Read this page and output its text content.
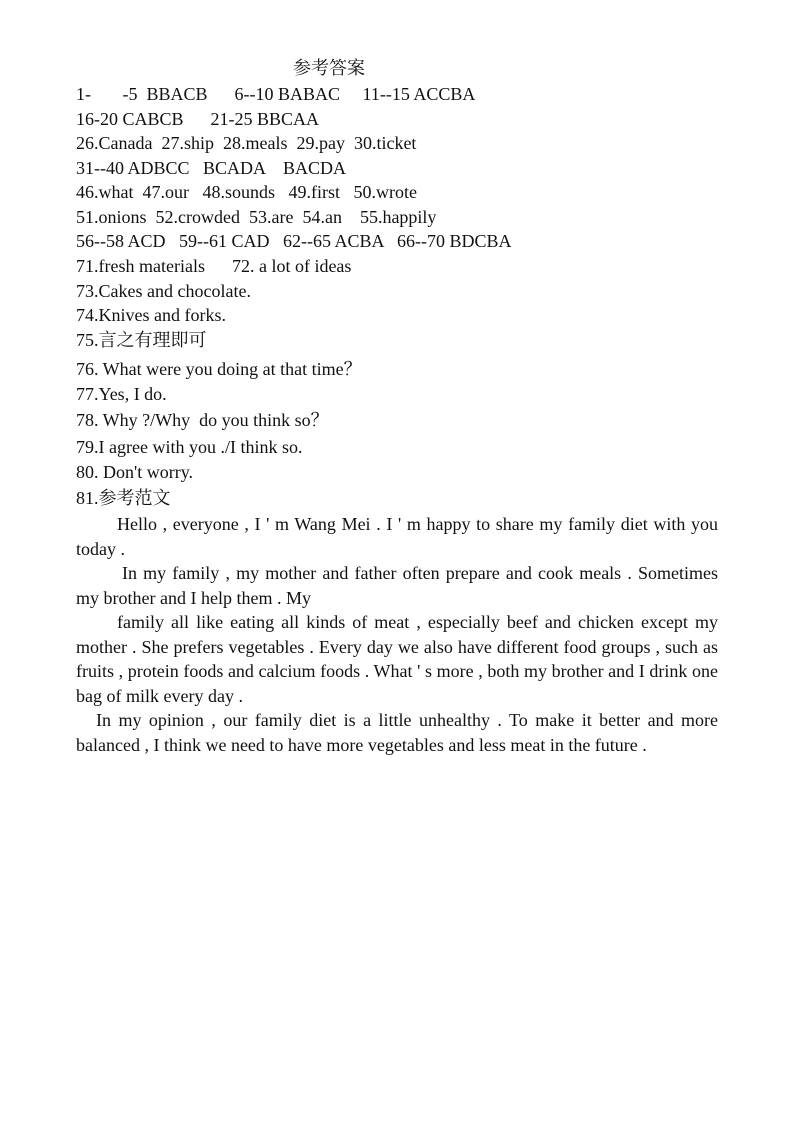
参考答案
1-       -5  BBACB      6--10 BABAC     11--15 ACCBA
16-20 CABCB      21-25 BBCAA
26.Canada  27.ship  28.meals  29.pay  30.ticket
31--40 ADBCC   BCADA    BACDA
46.what  47.our   48.sounds   49.first   50.wrote
51.onions  52.crowded  53.are  54.an    55.happily
56--58 ACD   59--61 CAD   62--65 ACBA   66--70 BDCBA
71.fresh materials      72. a lot of ideas
73.Cakes and chocolate.
74.Knives and forks.
75.言之有理即可
76. What were you doing at that time？
77.Yes, I do.
78. Why ?/Why  do you think so？
79.I agree with you ./I think so.
80. Don't worry.
81.参考范文

Hello , everyone , I ' m Wang Mei . I ' m happy to share my family diet with you today .

In my family , my mother and father often prepare and cook meals . Sometimes my brother and I help them . My

family all like eating all kinds of meat , especially beef and chicken except my mother . She prefers vegetables . Every day we also have different food groups , such as fruits , protein foods and calcium foods . What ' s more , both my brother and I drink one bag of milk every day .

In my opinion , our family diet is a little unhealthy . To make it better and more balanced , I think we need to have more vegetables and less meat in the future .
